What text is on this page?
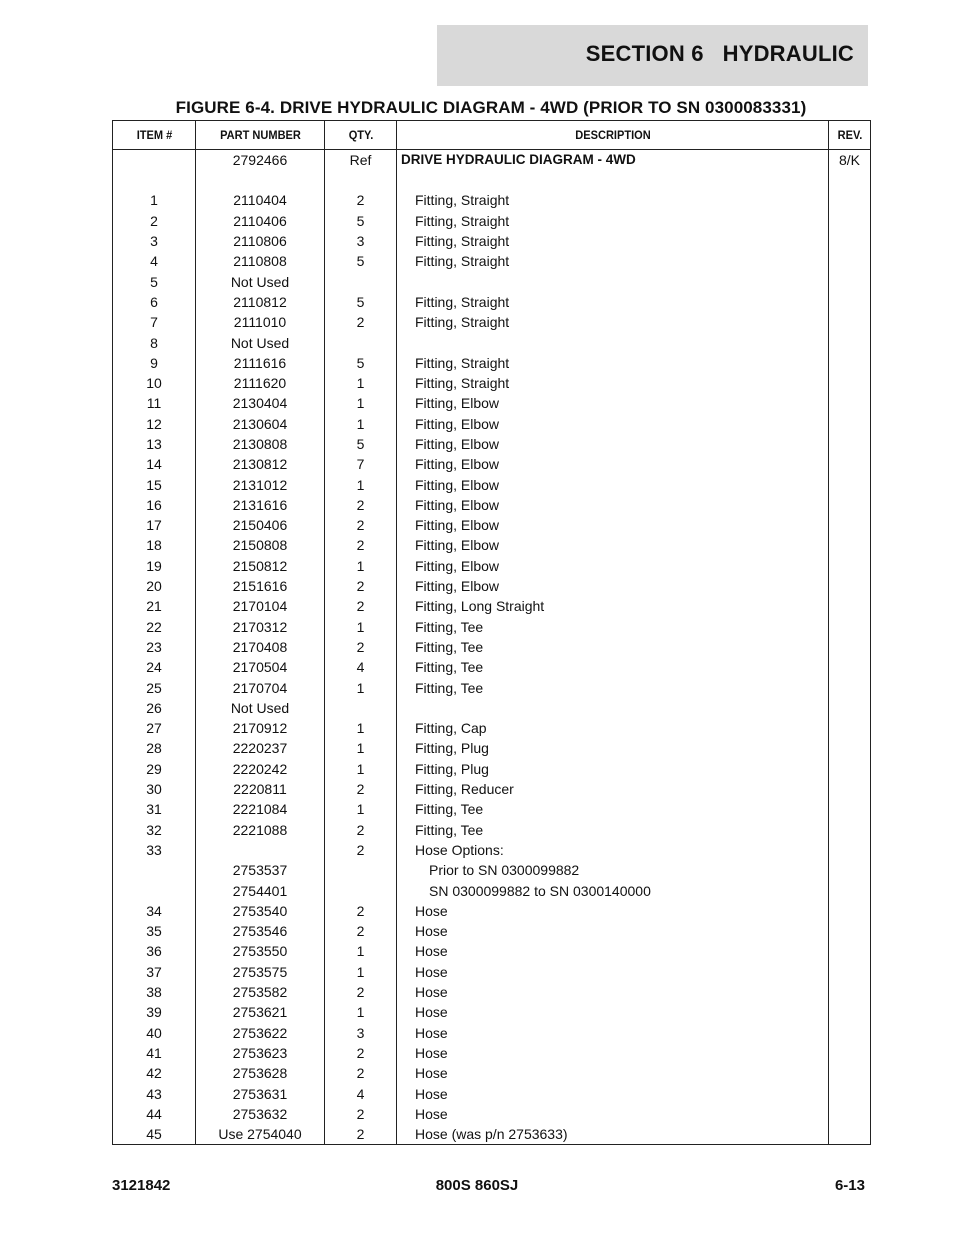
SECTION 6   HYDRAULIC
FIGURE 6-4. DRIVE HYDRAULIC DIAGRAM - 4WD (PRIOR TO SN 0300083331)
ITEM #	PART NUMBER	QTY.	DESCRIPTION	REV.
	2792466	Ref	DRIVE HYDRAULIC DIAGRAM - 4WD	8/K

1	2110404	2	Fitting, Straight	
2	2110406	5	Fitting, Straight	
3	2110806	3	Fitting, Straight	
4	2110808	5	Fitting, Straight	
5	Not Used			
6	2110812	5	Fitting, Straight	
7	2111010	2	Fitting, Straight	
8	Not Used			
9	2111616	5	Fitting, Straight	
10	2111620	1	Fitting, Straight	
11	2130404	1	Fitting, Elbow	
12	2130604	1	Fitting, Elbow	
13	2130808	5	Fitting, Elbow	
14	2130812	7	Fitting, Elbow	
15	2131012	1	Fitting, Elbow	
16	2131616	2	Fitting, Elbow	
17	2150406	2	Fitting, Elbow	
18	2150808	2	Fitting, Elbow	
19	2150812	1	Fitting, Elbow	
20	2151616	2	Fitting, Elbow	
21	2170104	2	Fitting, Long Straight	
22	2170312	1	Fitting, Tee	
23	2170408	2	Fitting, Tee	
24	2170504	4	Fitting, Tee	
25	2170704	1	Fitting, Tee	
26	Not Used			
27	2170912	1	Fitting, Cap	
28	2220237	1	Fitting, Plug	
29	2220242	1	Fitting, Plug	
30	2220811	2	Fitting, Reducer	
31	2221084	1	Fitting, Tee	
32	2221088	2	Fitting, Tee	
33		2	Hose Options:	
	2753537		Prior to SN 0300099882	
	2754401		SN 0300099882 to SN 0300140000	
34	2753540	2	Hose	
35	2753546	2	Hose	
36	2753550	1	Hose	
37	2753575	1	Hose	
38	2753582	2	Hose	
39	2753621	1	Hose	
40	2753622	3	Hose	
41	2753623	2	Hose	
42	2753628	2	Hose	
43	2753631	4	Hose	
44	2753632	2	Hose	
45	Use 2754040	2	Hose (was p/n 2753633)	
3121842	800S 860SJ	6-13
